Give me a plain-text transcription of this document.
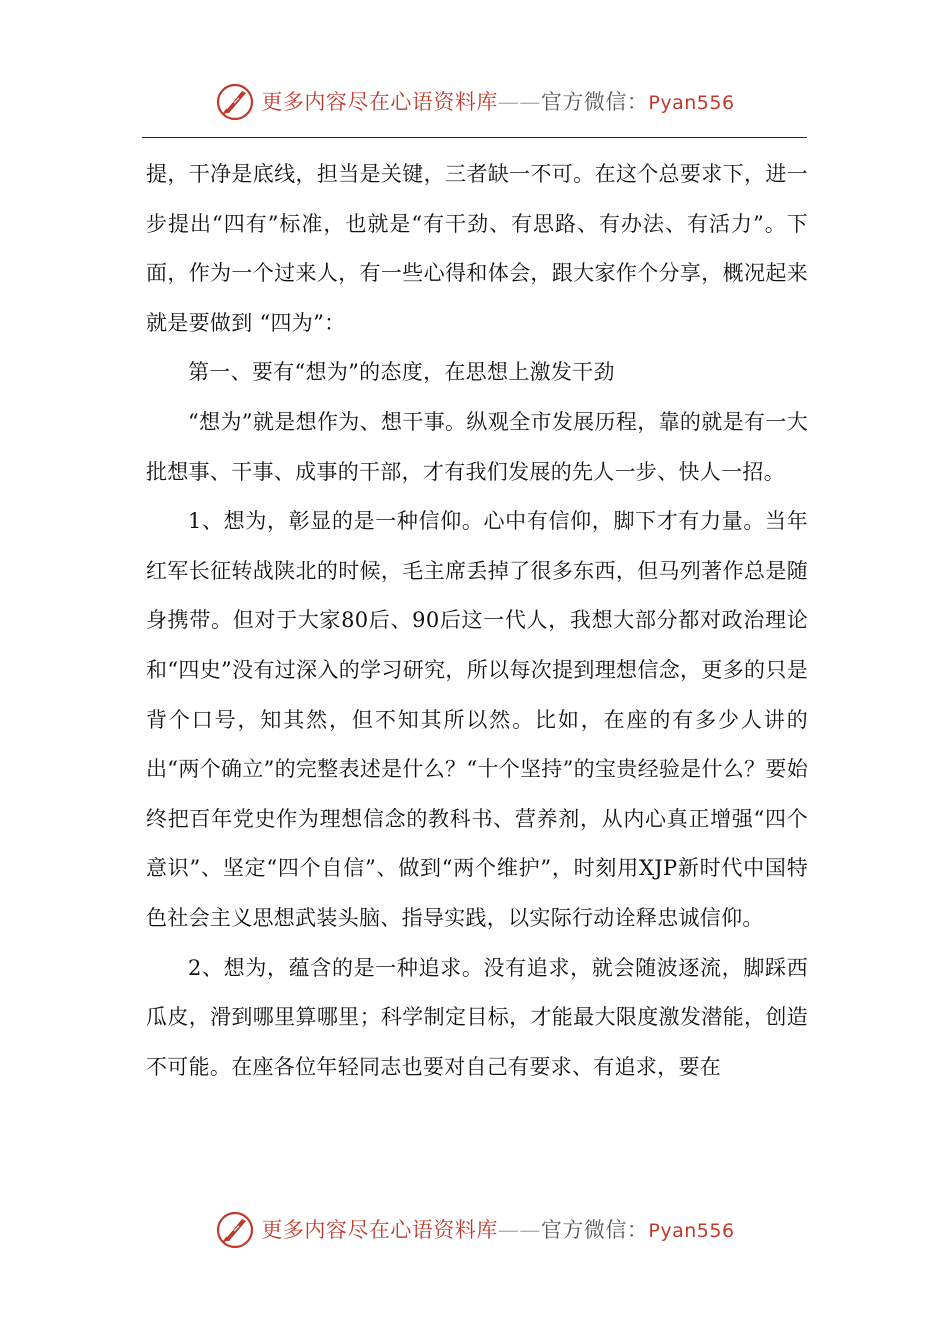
更多内容尽在心语资料库——官方微信：Pyan556

提，干净是底线，担当是关键，三者缺一不可。在这个总要求下，进一步提出“四有”标准，也就是“有干劲、有思路、有办法、有活力”。下面，作为一个过来人，有一些心得和体会，跟大家作个分享，概况起来就是要做到 “四为”：

第一、要有“想为”的态度，在思想上激发干劲

“想为”就是想作为、想干事。纵观全市发展历程，靠的就是有一大批想事、干事、成事的干部，才有我们发展的先人一步、快人一招。

1、想为，彰显的是一种信仰。心中有信仰，脚下才有力量。当年红军长征转战陕北的时候，毛主席丢掉了很多东西，但马列著作总是随身携带。但对于大家80后、90后这一代人，我想大部分都对政治理论和“四史”没有过深入的学习研究，所以每次提到理想信念，更多的只是背个口号，知其然，但不知其所以然。比如，在座的有多少人讲的出“两个确立”的完整表述是什么？“十个坚持”的宝贵经验是什么？要始终把百年党史作为理想信念的教科书、营养剂，从内心真正增强“四个意识”、坚定“四个自信”、做到“两个维护”，时刻用XJP新时代中国特色社会主义思想武装头脑、指导实践，以实际行动诠释忠诚信仰。

2、想为，蕴含的是一种追求。没有追求，就会随波逐流，脚踩西瓜皮，滑到哪里算哪里；科学制定目标，才能最大限度激发潜能，创造不可能。在座各位年轻同志也要对自己有要求、有追求，要在

更多内容尽在心语资料库——官方微信：Pyan556
